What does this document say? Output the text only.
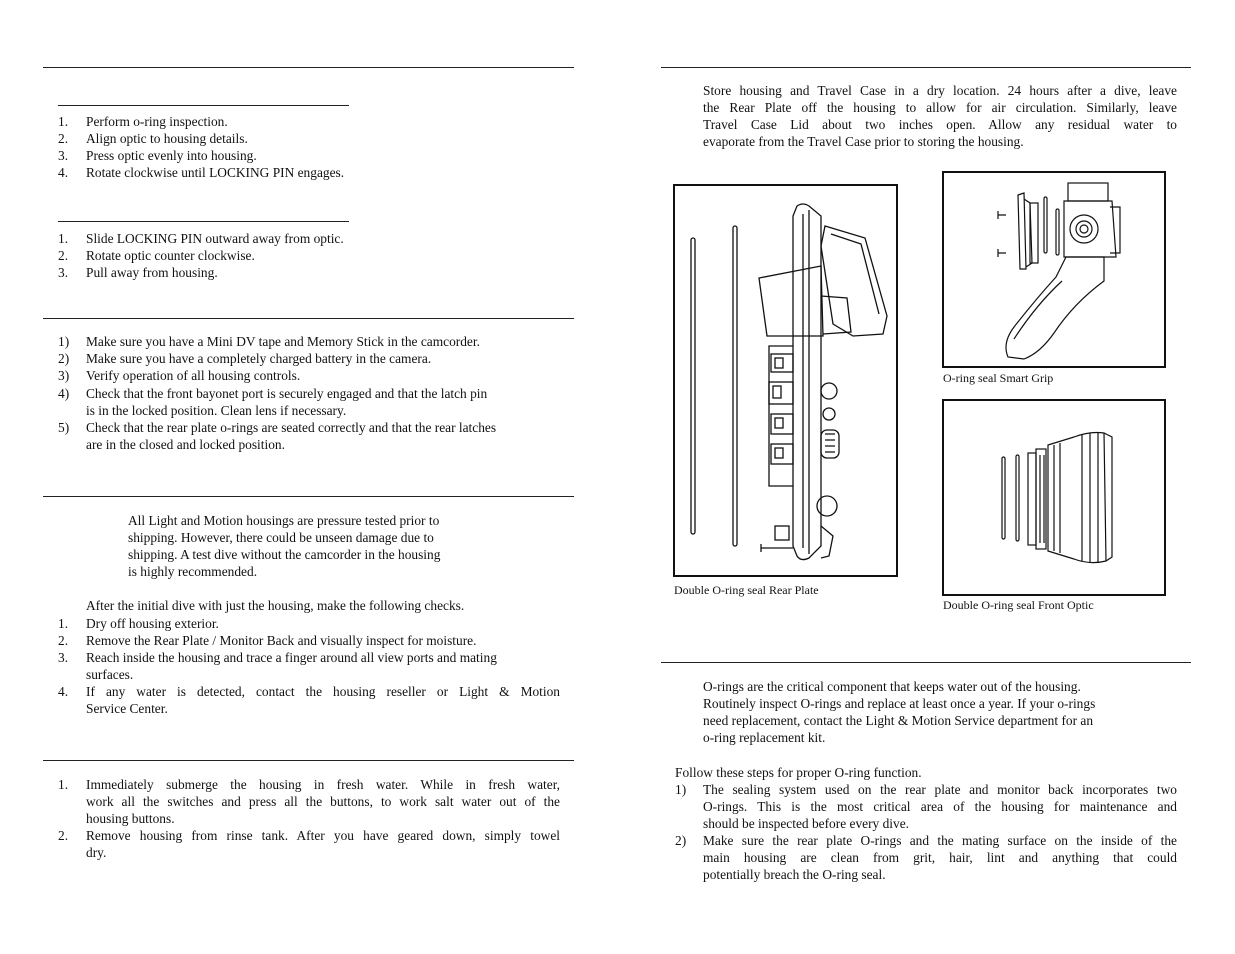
1. Perform o-ring inspection.
2. Align optic to housing details.
3. Press optic evenly into housing.
4. Rotate clockwise until LOCKING PIN engages.
1. Slide LOCKING PIN outward away from optic.
2. Rotate optic counter clockwise.
3. Pull away from housing.
1) Make sure you have a Mini DV tape and Memory Stick in the camcorder.
2) Make sure you have a completely charged battery in the camera.
3) Verify operation of all housing controls.
4) Check that the front bayonet port is securely engaged and that the latch pin
is in the locked position. Clean lens if necessary.
5) Check that the rear plate o-rings are seated correctly and that the rear latches
are in the closed and locked position.
All Light and Motion housings are pressure tested prior to
shipping. However, there could be unseen damage due to
shipping. A test dive without the camcorder in the housing
is highly recommended.
After the initial dive with just the housing, make the following checks.
1. Dry off housing exterior.
2. Remove the Rear Plate / Monitor Back and visually inspect for moisture.
3. Reach inside the housing and trace a finger around all view ports and mating
surfaces.
4. If any water is detected, contact the housing reseller or Light & Motion
Service Center.
1. Immediately submerge the housing in fresh water. While in fresh water,
work all the switches and press all the buttons, to work salt water out of the
housing buttons.
2. Remove housing from rinse tank. After you have geared down, simply towel
dry.
Store housing and Travel Case in a dry location. 24 hours after a dive, leave
the Rear Plate off the housing to allow for air circulation. Similarly, leave
Travel Case Lid about two inches open. Allow any residual water to
evaporate from the Travel Case prior to storing the housing.
Double O-ring seal Rear Plate
O-ring seal Smart Grip
Double O-ring seal Front Optic
O-rings are the critical component that keeps water out of the housing.
Routinely inspect O-rings and replace at least once a year. If your o-rings
need replacement, contact the Light & Motion Service department for an
o-ring replacement kit.
Follow these steps for proper O-ring function.
1) The sealing system used on the rear plate and monitor back incorporates two
O-rings. This is the most critical area of the housing for maintenance and
should be inspected before every dive.
2) Make sure the rear plate O-rings and the mating surface on the inside of the
main housing are clean from grit, hair, lint and anything that could
potentially breach the O-ring seal.
